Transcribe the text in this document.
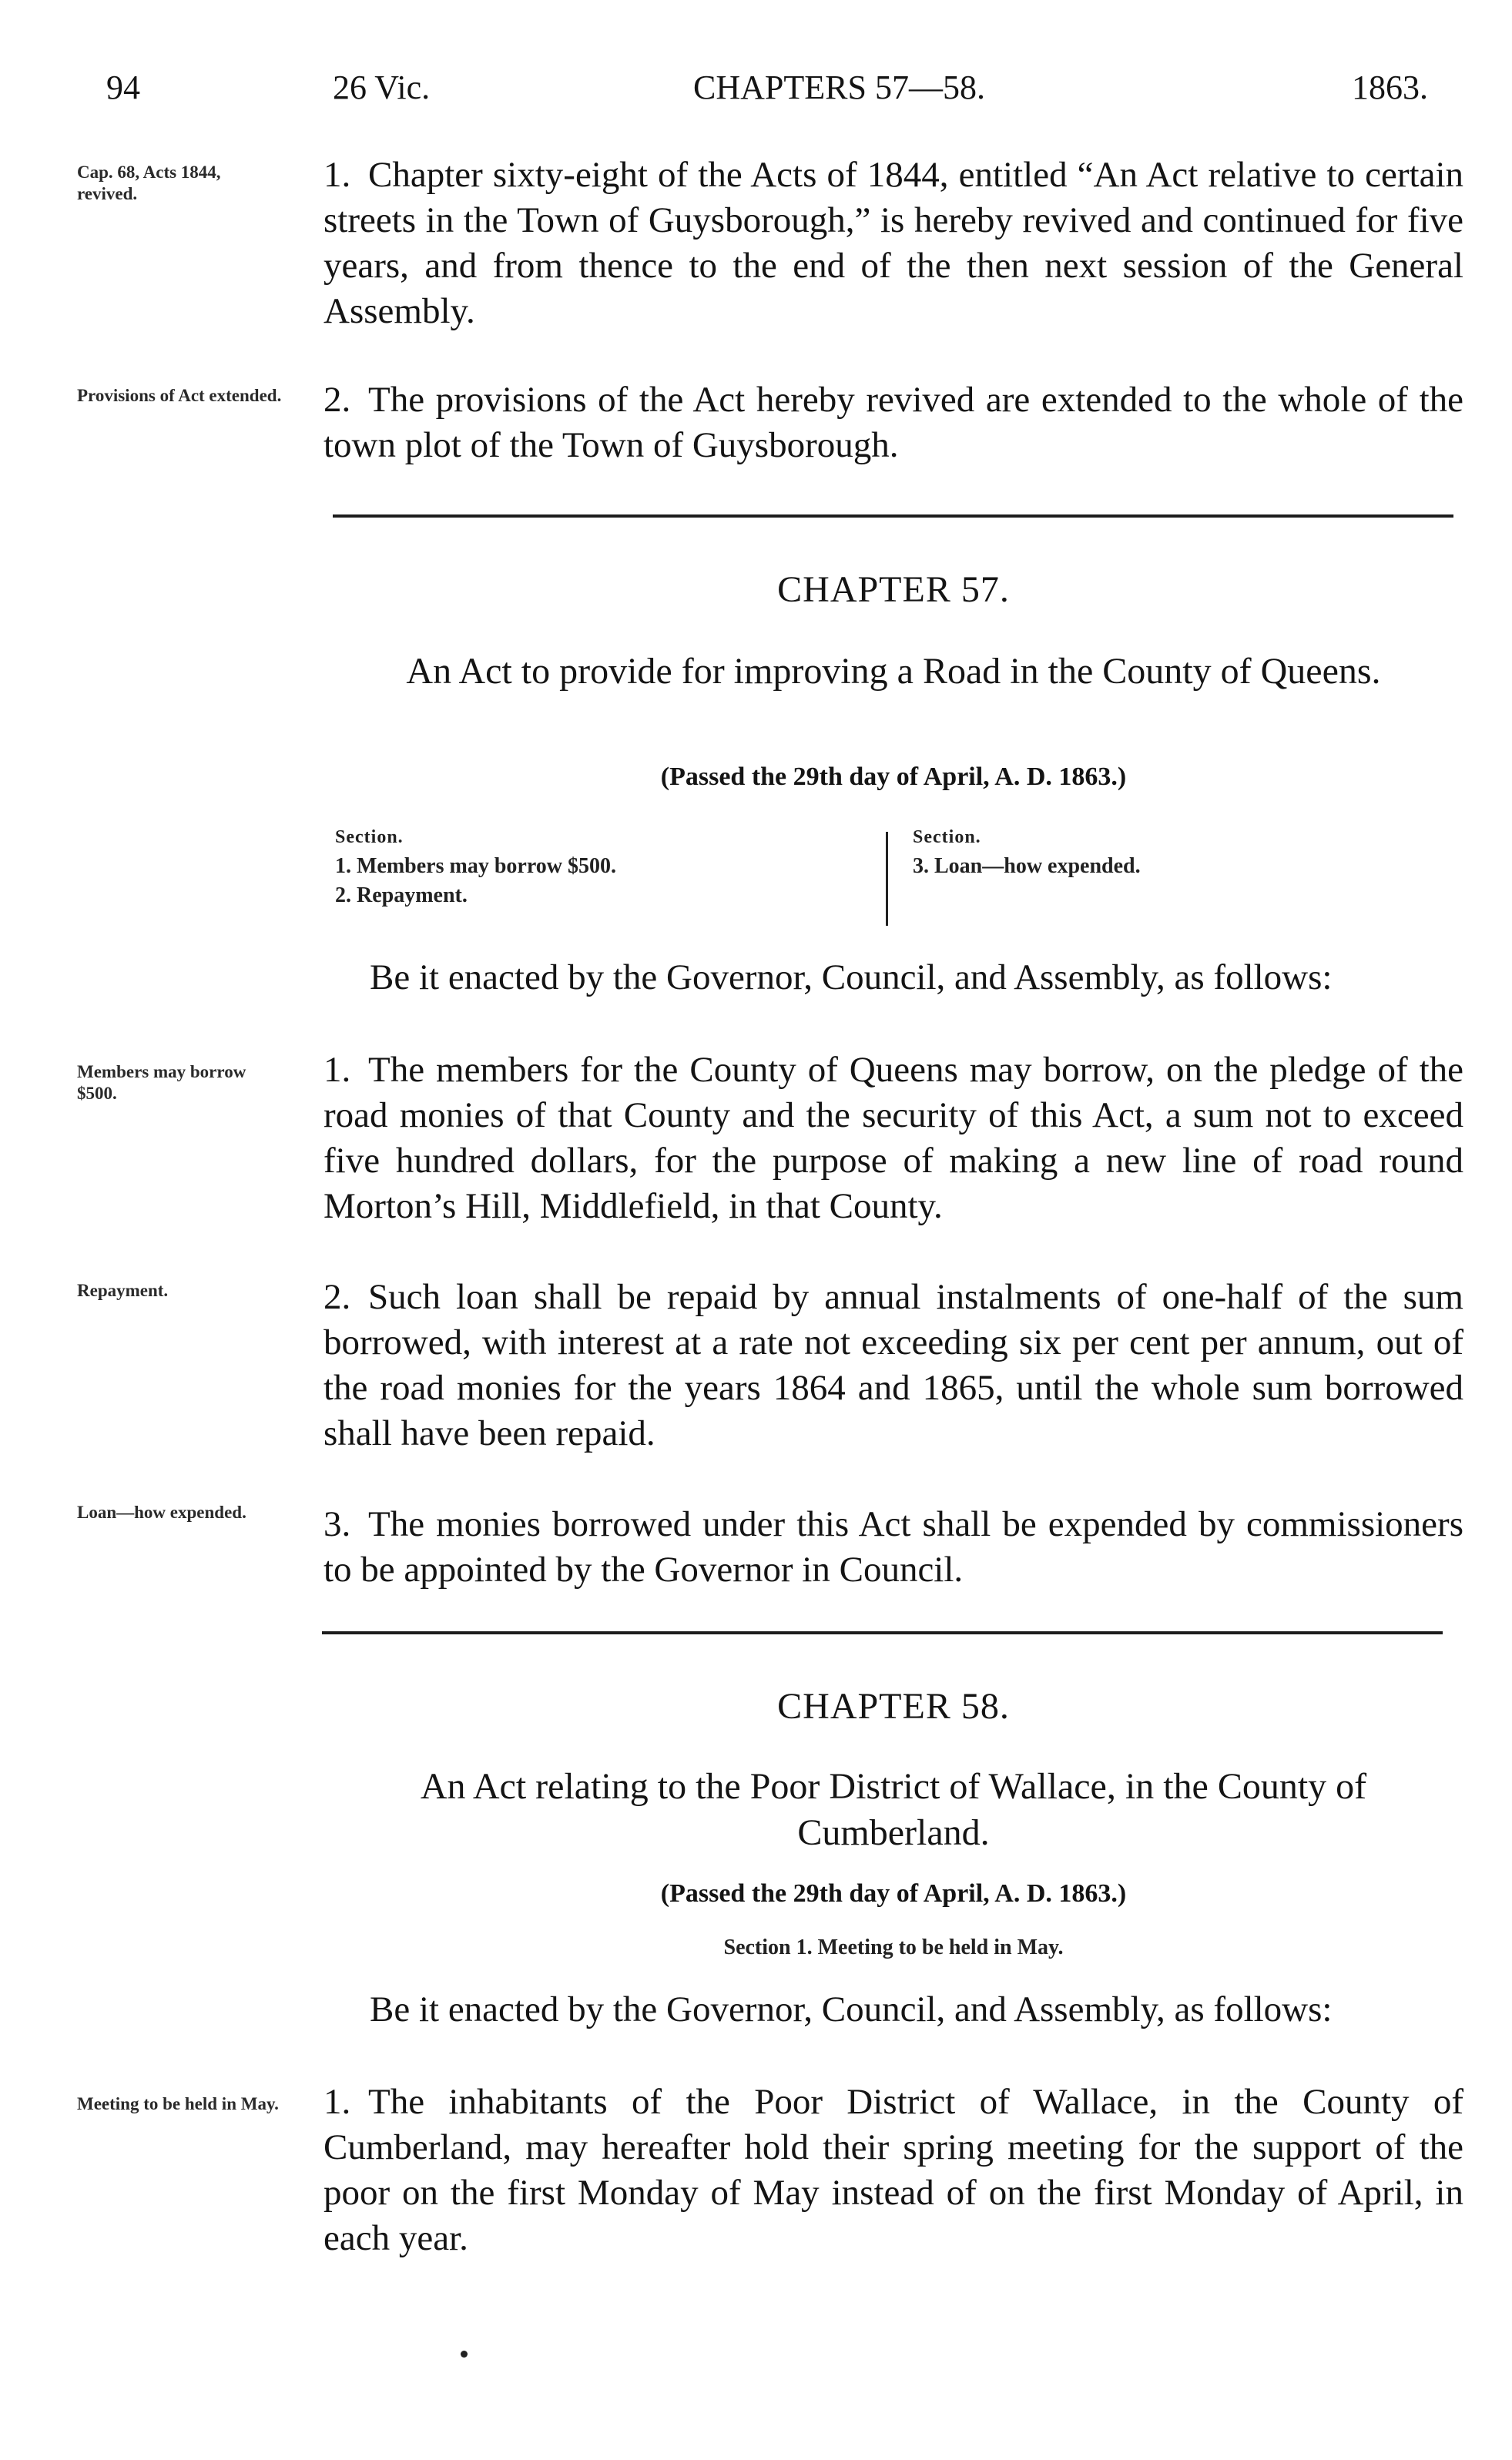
94	26 Vic.	CHAPTERS 57—58.	1863.
Cap. 68, Acts 1844, revived.	1. Chapter sixty-eight of the Acts of 1844, entitled “An Act relative to certain streets in the Town of Guysborough,” is hereby revived and continued for five years, and from thence to the end of the then next session of the General Assembly.
Provisions of Act extended. 2. The provisions of the Act hereby revived are extended to the whole of the town plot of the Town of Guysborough.
CHAPTER 57.
An Act to provide for improving a Road in the County of Queens.
(Passed the 29th day of April, A. D. 1863.)
Section.
1. Members may borrow $500.
2. Repayment.
Section.
3. Loan—how expended.
Be it enacted by the Governor, Council, and Assembly, as follows:
Members may borrow $500.
1. The members for the County of Queens may borrow, on the pledge of the road monies of that County and the security of this Act, a sum not to exceed five hundred dollars, for the purpose of making a new line of road round Morton’s Hill, Middlefield, in that County.
Repayment.	2. Such loan shall be repaid by annual instalments of one-half of the sum borrowed, with interest at a rate not exceeding six per cent per annum, out of the road monies for the years 1864 and 1865, until the whole sum borrowed shall have been repaid.
Loan—how expended.	3. The monies borrowed under this Act shall be expended by commissioners to be appointed by the Governor in Council.
CHAPTER 58.
An Act relating to the Poor District of Wallace, in the County of Cumberland.
(Passed the 29th day of April, A. D. 1863.)
Section 1. Meeting to be held in May.
Be it enacted by the Governor, Council, and Assembly, as follows:
Meeting to be held in May. 1. The inhabitants of the Poor District of Wallace, in the County of Cumberland, may hereafter hold their spring meeting for the support of the poor on the first Monday of May instead of on the first Monday of April, in each year.
